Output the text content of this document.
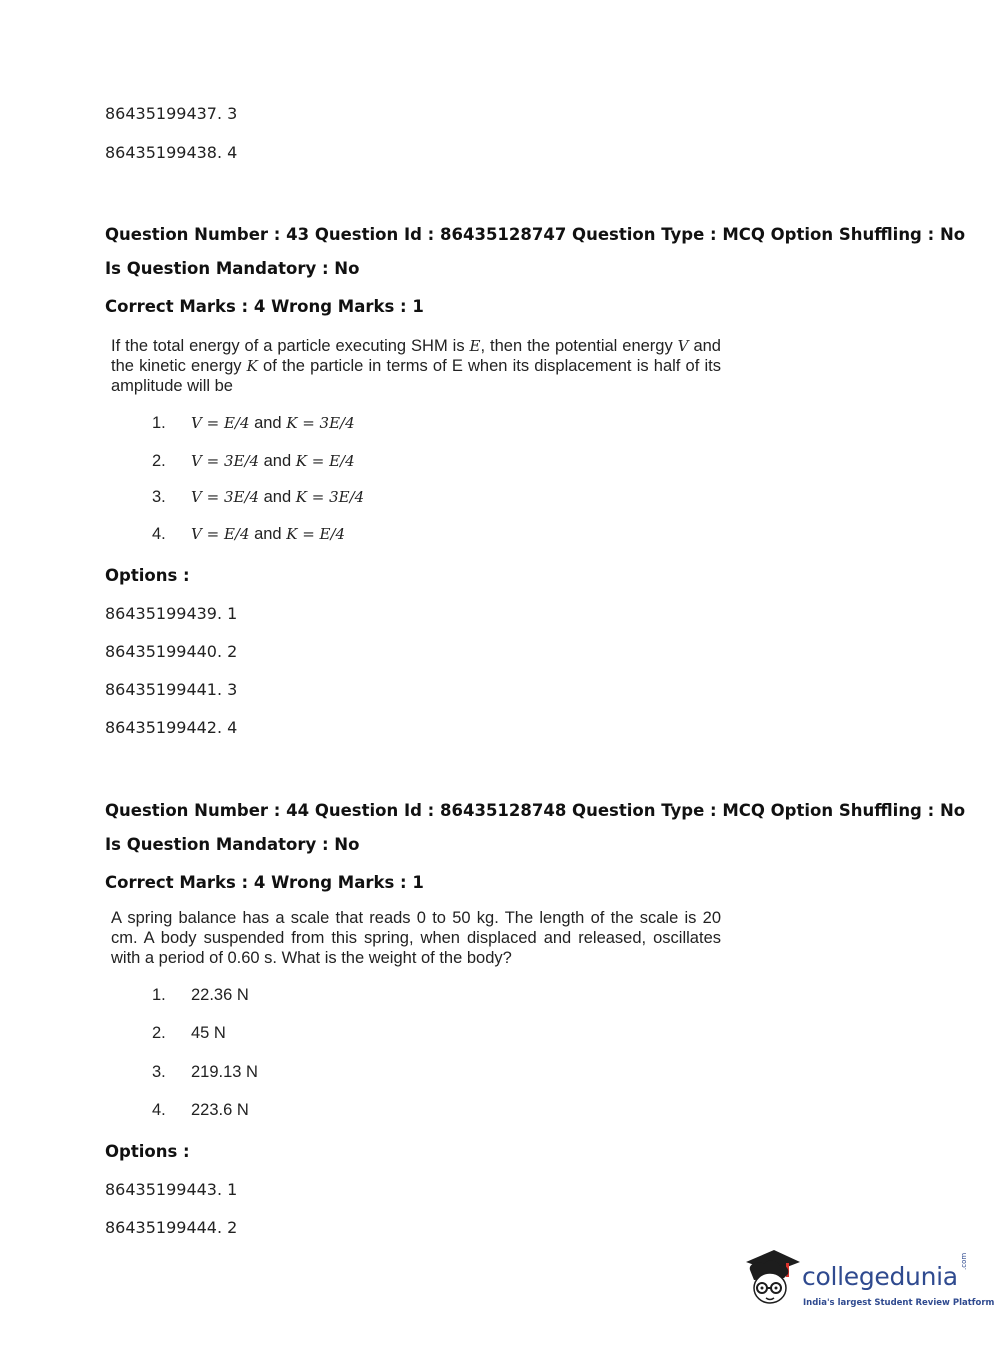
86435199437. 3
86435199438. 4
Question Number : 43 Question Id : 86435128747 Question Type : MCQ Option Shuffling : No
Is Question Mandatory : No
Correct Marks : 4 Wrong Marks : 1
If the total energy of a particle executing SHM is E, then the potential energy V and the kinetic energy K of the particle in terms of E when its displacement is half of its amplitude will be
1. V = E/4 and K = 3E/4
2. V = 3E/4 and K = E/4
3. V = 3E/4 and K = 3E/4
4. V = E/4 and K = E/4
Options :
86435199439. 1
86435199440. 2
86435199441. 3
86435199442. 4
Question Number : 44 Question Id : 86435128748 Question Type : MCQ Option Shuffling : No
Is Question Mandatory : No
Correct Marks : 4 Wrong Marks : 1
A spring balance has a scale that reads 0 to 50 kg. The length of the scale is 20 cm. A body suspended from this spring, when displaced and released, oscillates with a period of 0.60 s. What is the weight of the body?
1. 22.36 N
2. 45 N
3. 219.13 N
4. 223.6 N
Options :
86435199443. 1
86435199444. 2
collegedunia
.com
India's largest Student Review Platform
